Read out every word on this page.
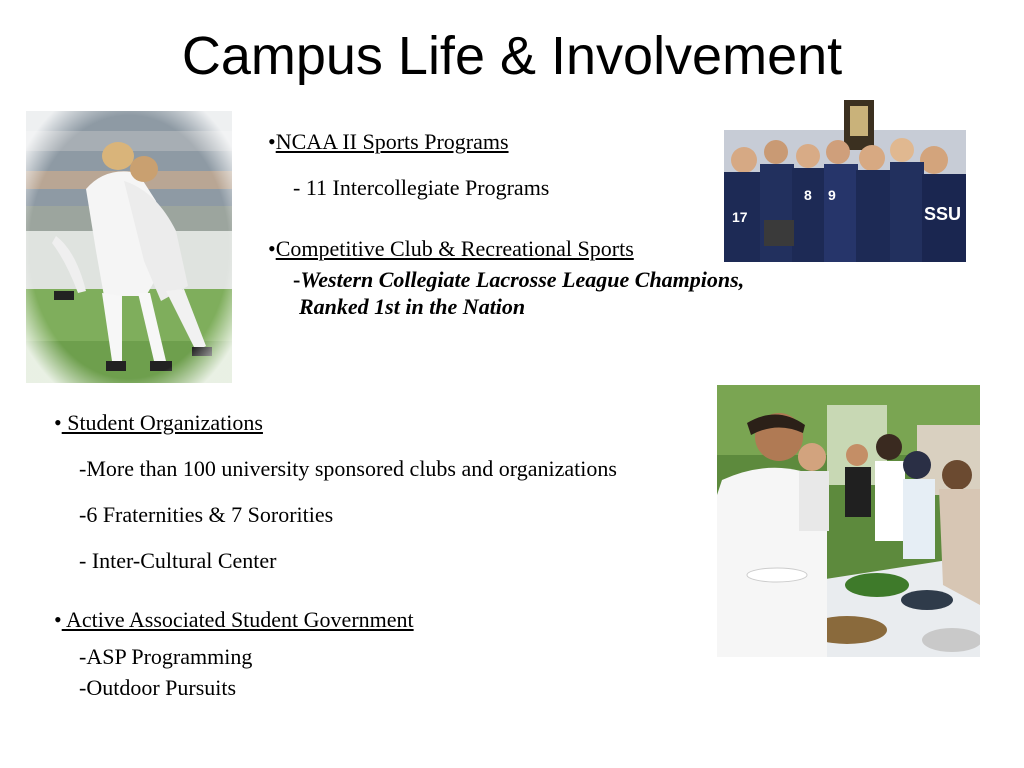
Campus Life & Involvement
17
9
8
SSU
•NCAA II Sports Programs
- 11 Intercollegiate Programs
•Competitive Club & Recreational Sports
-Western Collegiate Lacrosse League Champions,
Ranked 1st in the Nation
• Student Organizations
-More than 100 university sponsored clubs and organizations
-6 Fraternities & 7 Sororities
- Inter-Cultural Center
• Active Associated Student Government
-ASP Programming
-Outdoor Pursuits
